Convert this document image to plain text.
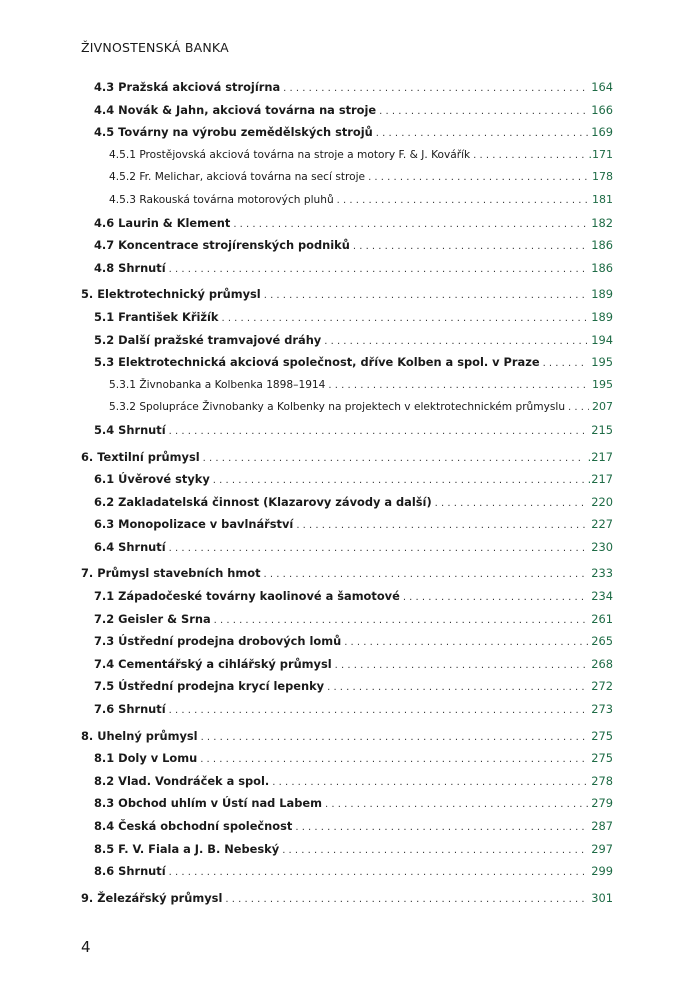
ŽIVNOSTENSKÁ BANKA
4.3 Pražská akciová strojírna . . .	164
4.4 Novák & Jahn, akciová továrna na stroje . . .	166
4.5 Továrny na výrobu zemědělských strojů . . .	169
4.5.1 Prostějovská akciová továrna na stroje a motory F. & J. Kovářík . . .	.171
4.5.2 Fr. Melichar, akciová továrna na secí stroje . . .	178
4.5.3 Rakouská továrna motorových pluhů . . .	181
4.6 Laurin & Klement . . .	182
4.7 Koncentrace strojírenských podniků . . .	186
4.8 Shrnutí . . .	186
5. Elektrotechnický průmysl . . .	189
5.1 František Křižík . . .	189
5.2 Další pražské tramvajové dráhy . . .	194
5.3 Elektrotechnická akciová společnost, dříve Kolben a spol. v Praze . . .	195
5.3.1 Živnobanka a Kolbenka 1898–1914 . . .	195
5.3.2 Spolupráce Živnobanky a Kolbenky na projektech v elektrotechnickém průmyslu . . . 207
5.4 Shrnutí . . .	215
6. Textilní průmysl . . .	.217
6.1 Úvěrové styky . . .	.217
6.2 Zakladatelská činnost (Klazarovy závody a další) . . .	220
6.3 Monopolizace v bavlnářství . . .	227
6.4 Shrnutí . . .	230
7. Průmysl stavebních hmot . . .	233
7.1 Západočeské továrny kaolinové a šamotové . . .	234
7.2 Geisler & Srna . . .	261
7.3 Ústřední prodejna drobových lomů . . .	265
7.4 Cementářský a cihlářský průmysl . . .	268
7.5 Ústřední prodejna krycí lepenky . . .	272
7.6 Shrnutí . . .	273
8. Uhelný průmysl . . .	275
8.1 Doly v Lomu . . .	275
8.2 Vlad. Vondráček a spol. . . .	278
8.3 Obchod uhlím v Ústí nad Labem . . .	279
8.4 Česká obchodní společnost . . .	287
8.5 F. V. Fiala a J. B. Nebeský . . .	297
8.6 Shrnutí . . .	299
9. Železářský průmysl . . .	301
4
